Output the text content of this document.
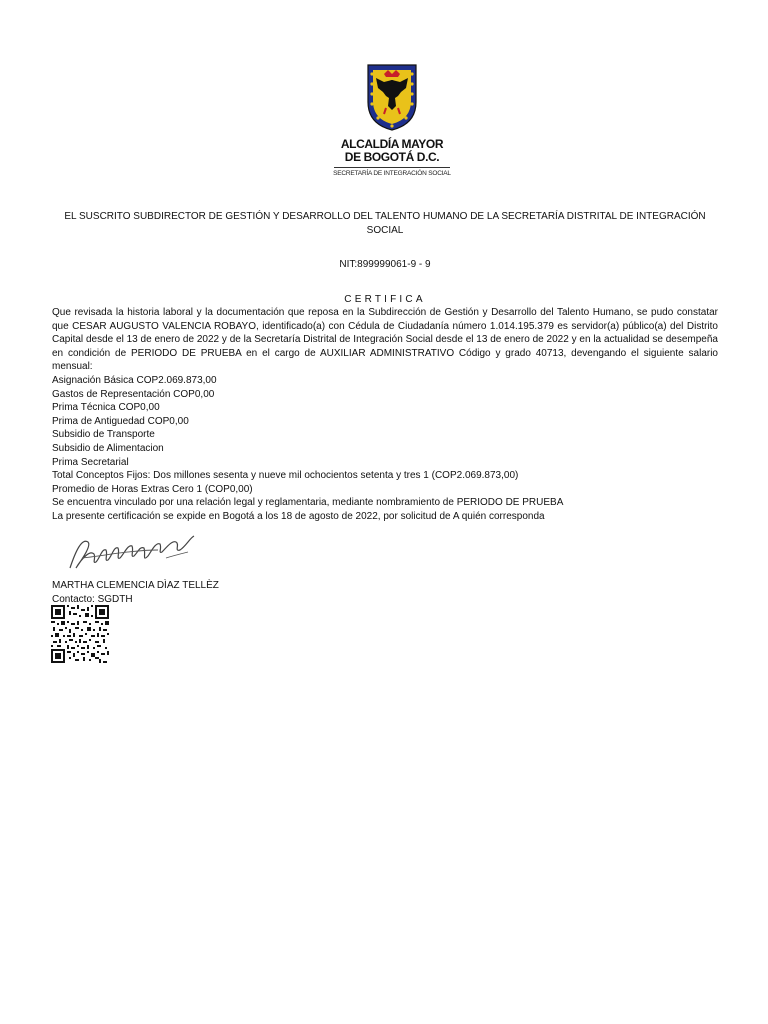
ALCALDÍA MAYOR
DE BOGOTÁ D.C.
SECRETARÍA DE INTEGRACIÓN SOCIAL
EL SUSCRITO SUBDIRECTOR DE GESTIÓN Y DESARROLLO DEL TALENTO HUMANO DE LA SECRETARÍA DISTRITAL DE INTEGRACIÓN SOCIAL
NIT:899999061-9 - 9
CERTIFICA

Que revisada la historia laboral y la documentación que reposa en la Subdirección de Gestión y Desarrollo del Talento Humano, se pudo constatar que CESAR AUGUSTO VALENCIA ROBAYO, identificado(a) con Cédula de Ciudadanía número 1.014.195.379 es servidor(a) público(a) del Distrito Capital desde el 13 de enero de 2022 y de la Secretaría Distrital de Integración Social desde el 13 de enero de 2022 y en la actualidad se desempeña en condición de PERIODO DE PRUEBA en el cargo de AUXILIAR ADMINISTRATIVO Código y grado 40713, devengando el siguiente salario mensual:

Asignación Básica COP2.069.873,00

Gastos de Representación COP0,00

Prima Técnica COP0,00

Prima de Antiguedad COP0,00

Subsidio de Transporte

Subsidio de Alimentacion

Prima Secretarial

Total Conceptos Fijos: Dos millones sesenta y nueve mil ochocientos setenta y tres 1 (COP2.069.873,00)

Promedio de Horas Extras Cero 1 (COP0,00)

Se encuentra vinculado por una relación legal y reglamentaria, mediante nombramiento de PERIODO DE PRUEBA

La presente certificación se expide en Bogotá a los 18 de agosto de 2022, por solicitud de A quién corresponda

MARTHA CLEMENCIA DÌAZ TELLÈZ
Contacto: SGDTH
